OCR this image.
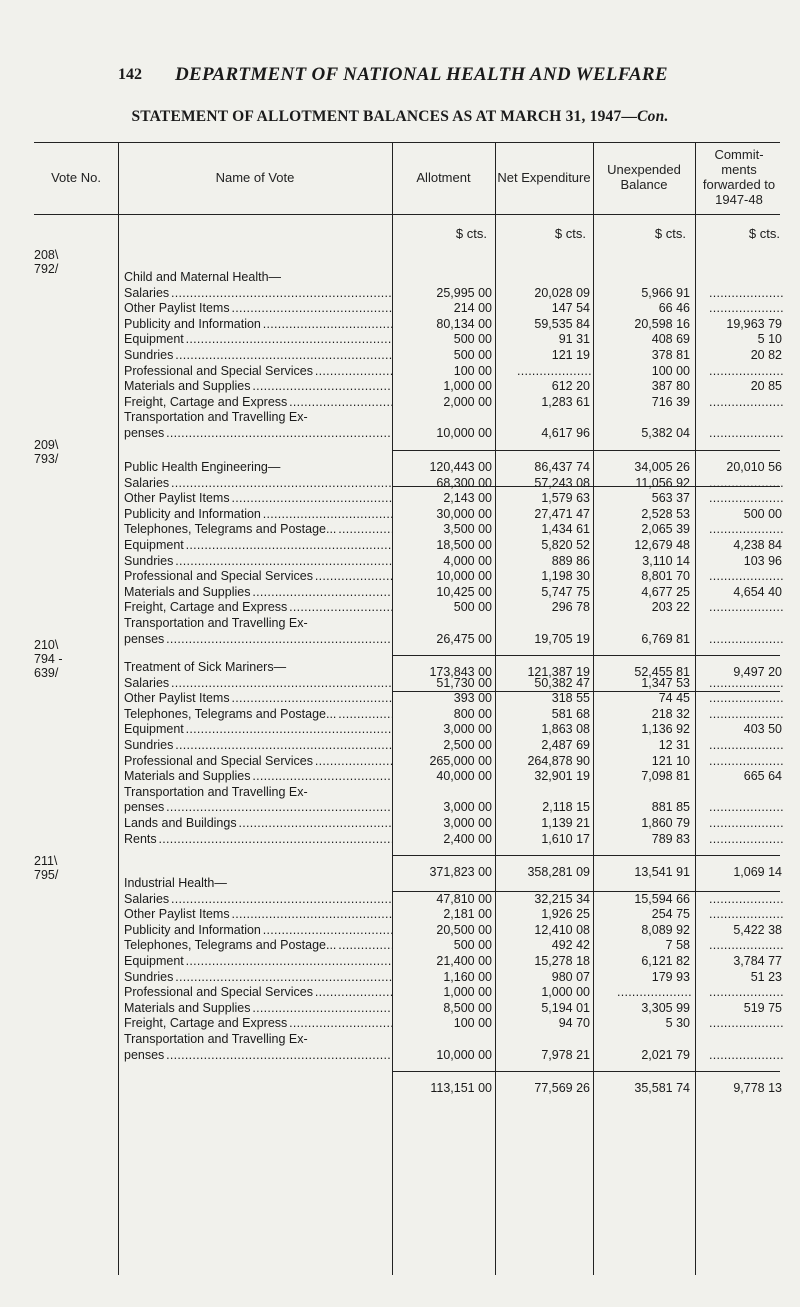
142 DEPARTMENT OF NATIONAL HEALTH AND WELFARE
STATEMENT OF ALLOTMENT BALANCES AS AT MARCH 31, 1947—Con.
Vote No.	Name of Vote	Allotment	Net Expenditure	Unexpended Balance
Commit- ments forwarded to 1947-48
$ cts.	$ cts.	$ cts.	$ cts.
208\ 792/
Child and Maternal Health—
Salaries . . .	25,995 00	20,028 09	5,966 91
. . .
Other Paylist Items . . .	214 00	147 54	66 46
. . .
Publicity and Information . . .	80,134 00	59,535 84	20,598 16	19,963 79
Equipment . . .	500 00	91 31	408 69	5 10
Sundries . . .	500 00	121 19	378 81	20 82
Professional and Special Services . . .	100 00
. . .	100 00
. . .
Materials and Supplies . . .	1,000 00	612 20	387 80	20 85
Freight, Cartage and Express . . .	2,000 00	1,283 61	716 39
. . .
Transportation and Travelling Ex-
penses . . .	10,000 00	4,617 96	5,382 04
. . .
120,443 00	86,437 74	34,005 26	20,010 56
209\ 793/
Public Health Engineering—
Salaries . . .	68,300 00	57,243 08	11,056 92
. . .
Other Paylist Items . . .	2,143 00	1,579 63	563 37
. . .
Publicity and Information . . .	30,000 00	27,471 47	2,528 53	500 00
Telephones, Telegrams and Postage... . . .	3,500 00	1,434 61	2,065 39
. . .
Equipment . . .	18,500 00	5,820 52	12,679 48	4,238 84
Sundries . . .	4,000 00	889 86	3,110 14	103 96
Professional and Special Services . . .	10,000 00	1,198 30	8,801 70
. . .
Materials and Supplies . . .	10,425 00	5,747 75	4,677 25	4,654 40
Freight, Cartage and Express . . .	500 00	296 78	203 22
. . .
Transportation and Travelling Ex-
penses . . .	26,475 00	19,705 19	6,769 81
. . .
173,843 00	121,387 19	52,455 81	9,497 20
210\ 794 - 639/	Treatment of Sick Mariners—
Salaries . . .	51,730 00	50,382 47	1,347 53
. . .
Other Paylist Items . . .	393 00	318 55	74 45
. . .
Telephones, Telegrams and Postage... . . .	800 00	581 68	218 32
. . .
Equipment . . .	3,000 00	1,863 08	1,136 92	403 50
Sundries . . .	2,500 00	2,487 69	12 31
. . .
Professional and Special Services . . .	265,000 00	264,878 90	121 10
. . .
Materials and Supplies . . .	40,000 00	32,901 19	7,098 81	665 64
Transportation and Travelling Ex-
penses . . .	3,000 00	2,118 15	881 85
. . .
Lands and Buildings . . .	3,000 00	1,139 21	1,860 79
. . .
Rents . . .	2,400 00	1,610 17	789 83
. . .
371,823 00	358,281 09	13,541 91	1,069 14
211\ 795/
Industrial Health—
Salaries . . .	47,810 00	32,215 34	15,594 66
. . .
Other Paylist Items . . .	2,181 00	1,926 25	254 75
. . .
Publicity and Information . . .	20,500 00	12,410 08	8,089 92	5,422 38
Telephones, Telegrams and Postage... . . .	500 00	492 42	7 58
. . .
Equipment . . .	21,400 00	15,278 18	6,121 82	3,784 77
Sundries . . .	1,160 00	980 07	179 93	51 23
Professional and Special Services . . .	1,000 00	1,000 00
. . .
. . .
Materials and Supplies . . .	8,500 00	5,194 01	3,305 99	519 75
Freight, Cartage and Express . . .	100 00	94 70	5 30
. . .
Transportation and Travelling Ex-
penses . . .	10,000 00	7,978 21	2,021 79
. . .
113,151 00	77,569 26	35,581 74	9,778 13
